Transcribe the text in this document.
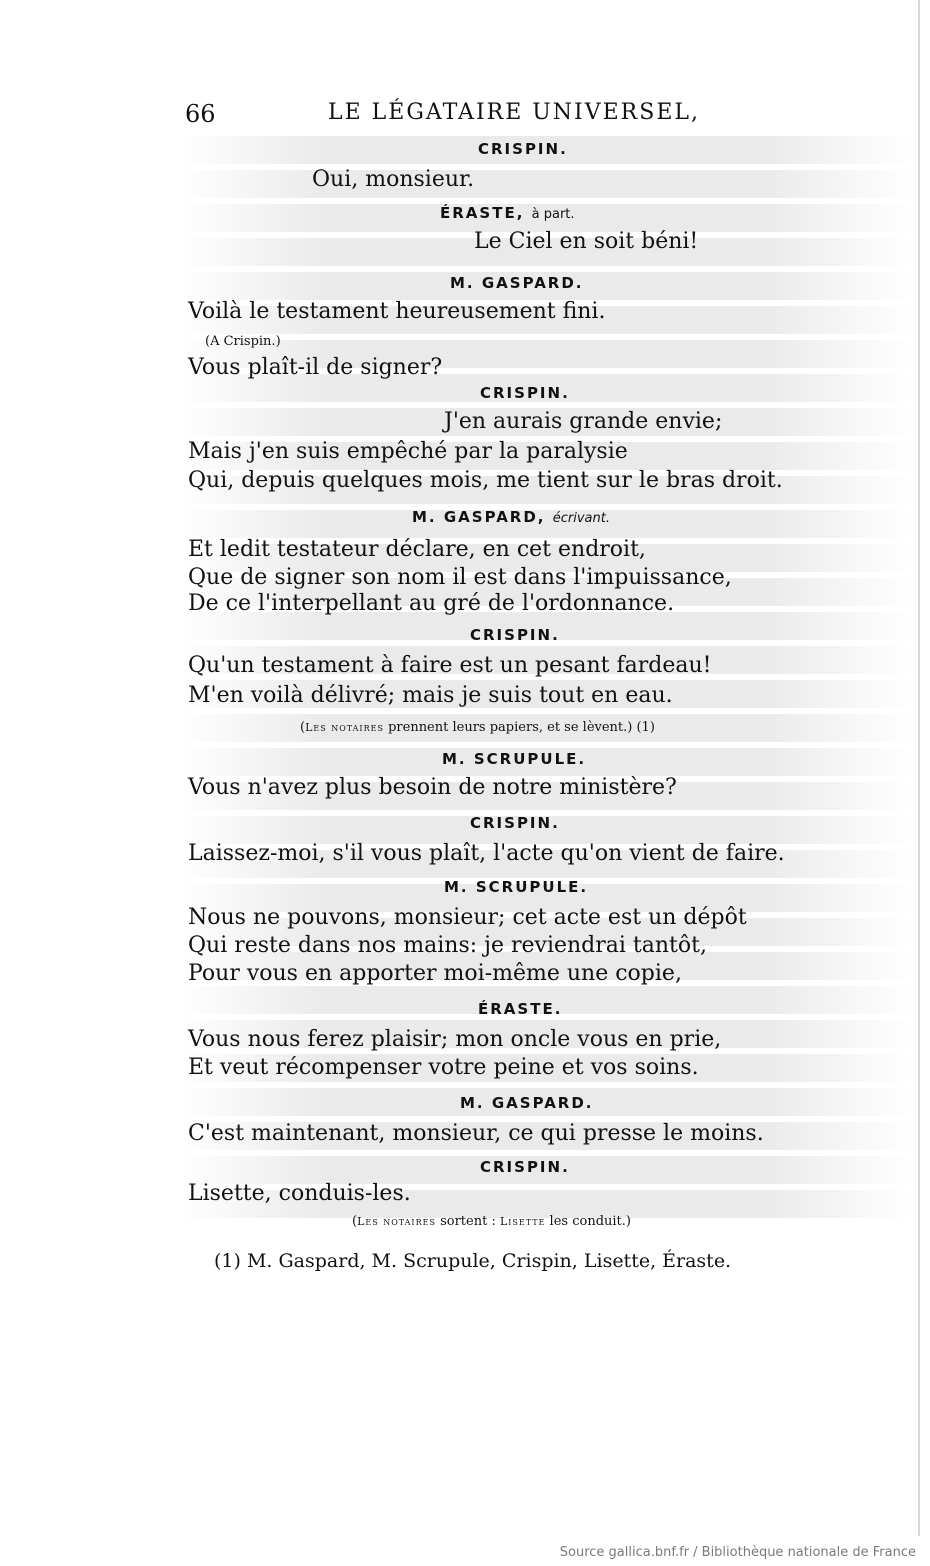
66	LE LÉGATAIRE UNIVERSEL,
CRISPIN.
Oui, monsieur.
ÉRASTE, à part.
Le Ciel en soit béni!
M. GASPARD.
Voilà le testament heureusement fini.
(A Crispin.)
Vous plaît-il de signer?
CRISPIN.
J'en aurais grande envie;
Mais j'en suis empêché par la paralysie
Qui, depuis quelques mois, me tient sur le bras droit.
M. GASPARD, écrivant.
Et ledit testateur déclare, en cet endroit,
Que de signer son nom il est dans l'impuissance,
De ce l'interpellant au gré de l'ordonnance.
CRISPIN.
Qu'un testament à faire est un pesant fardeau!
M'en voilà délivré; mais je suis tout en eau.
(Les notaires prennent leurs papiers, et se lèvent.) (1)
M. SCRUPULE.
Vous n'avez plus besoin de notre ministère?
CRISPIN.
Laissez-moi, s'il vous plaît, l'acte qu'on vient de faire.
M. SCRUPULE.
Nous ne pouvons, monsieur; cet acte est un dépôt
Qui reste dans nos mains: je reviendrai tantôt,
Pour vous en apporter moi-même une copie,
ÉRASTE.
Vous nous ferez plaisir; mon oncle vous en prie,
Et veut récompenser votre peine et vos soins.
M. GASPARD.
C'est maintenant, monsieur, ce qui presse le moins.
CRISPIN.
Lisette, conduis-les.
(Les notaires sortent : Lisette les conduit.)
(1) M. Gaspard, M. Scrupule, Crispin, Lisette, Éraste.
Source gallica.bnf.fr / Bibliothèque nationale de France
